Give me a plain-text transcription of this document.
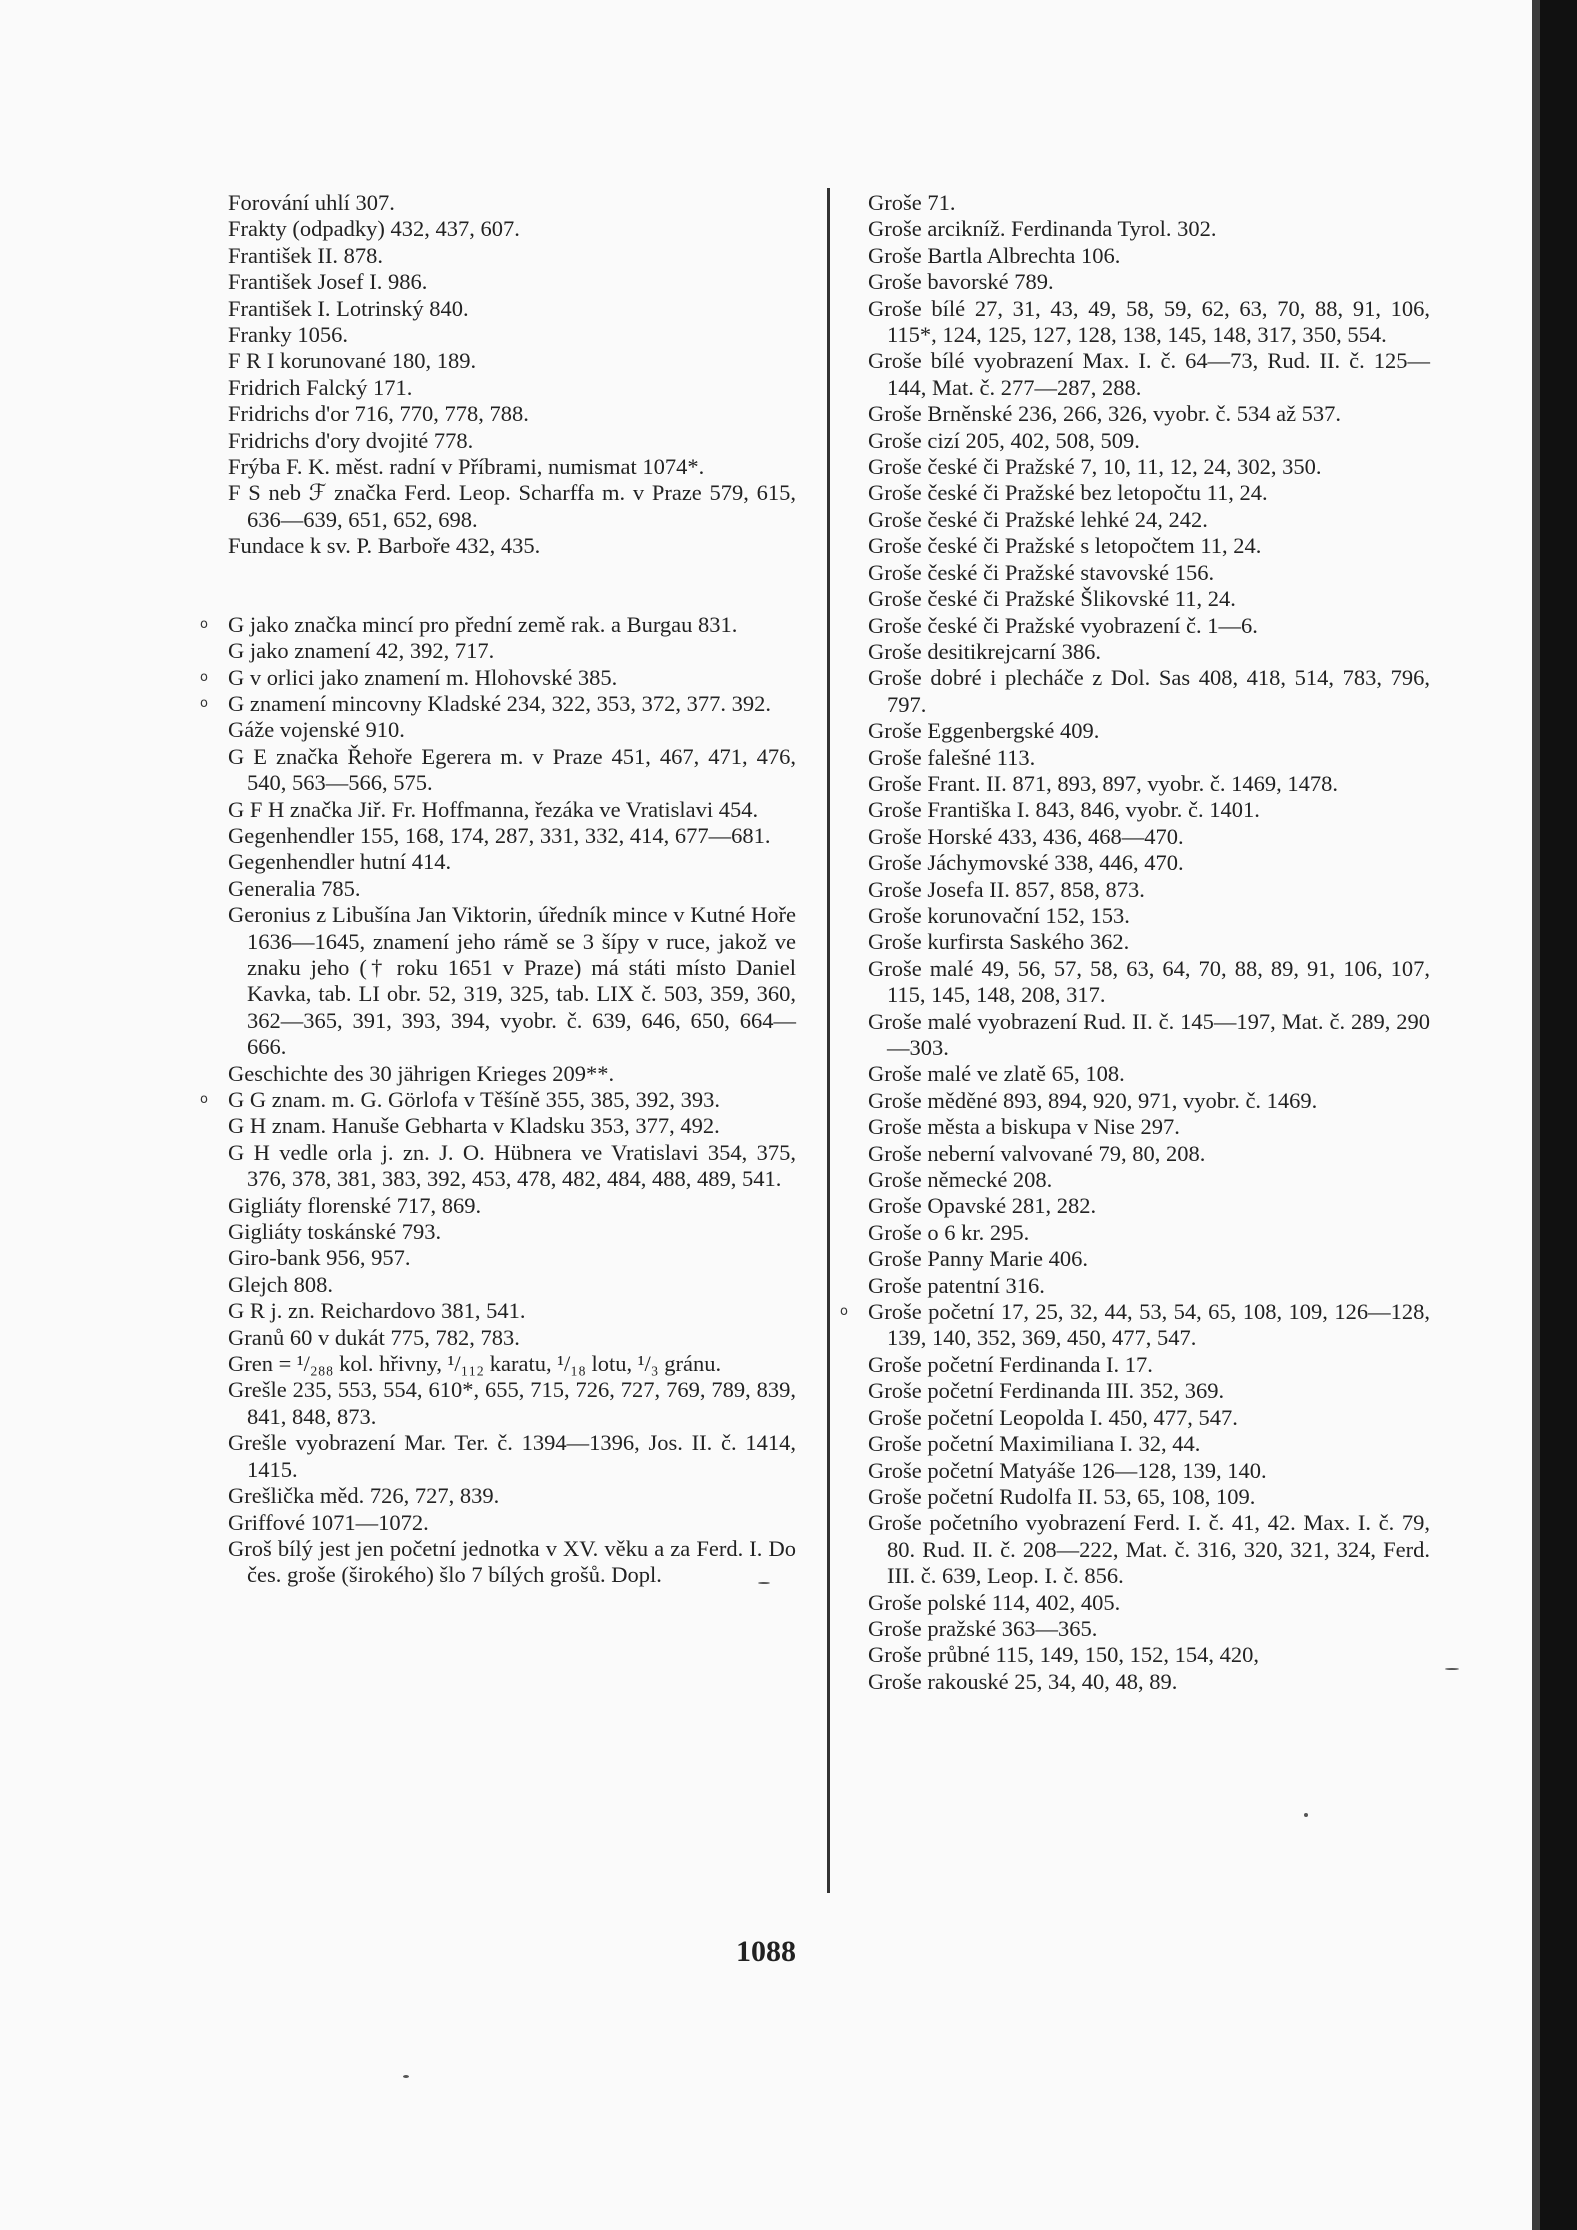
Forování uhlí 307.
Frakty (odpadky) 432, 437, 607.
František II. 878.
František Josef I. 986.
František I. Lotrinský 840.
Franky 1056.
F R I korunované 180, 189.
Fridrich Falcký 171.
Fridrichs d'or 716, 770, 778, 788.
Fridrichs d'ory dvojité 778.
Frýba F. K. měst. radní v Příbrami, numismat 1074*.
F S neb ℱ značka Ferd. Leop. Scharffa m. v Praze 579, 615, 636—639, 651, 652, 698.
Fundace k sv. P. Barboře 432, 435.
o G jako značka mincí pro přední země rak. a Burgau 831.
G jako znamení 42, 392, 717.
o G v orlici jako znamení m. Hlohovské 385.
o G znamení mincovny Kladské 234, 322, 353, 372, 377. 392.
Gáže vojenské 910.
G E značka Řehoře Egerera m. v Praze 451, 467, 471, 476, 540, 563—566, 575.
G F H značka Jiř. Fr. Hoffmanna, řezáka ve Vratislavi 454.
Gegenhendler 155, 168, 174, 287, 331, 332, 414, 677—681.
Gegenhendler hutní 414.
Generalia 785.
Geronius z Libušína Jan Viktorin, úředník mince v Kutné Hoře 1636—1645, znamení jeho rámě se 3 šípy v ruce, jakož ve znaku jeho († roku 1651 v Praze) má státi místo Daniel Kavka, tab. LI obr. 52, 319, 325, tab. LIX č. 503, 359, 360, 362—365, 391, 393, 394, vyobr. č. 639, 646, 650, 664—666.
Geschichte des 30 jährigen Krieges 209**.
o G G znam. m. G. Görlofa v Těšíně 355, 385, 392, 393.
G H znam. Hanuše Gebharta v Kladsku 353, 377, 492.
G H vedle orla j. zn. J. O. Hübnera ve Vratislavi 354, 375, 376, 378, 381, 383, 392, 453, 478, 482, 484, 488, 489, 541.
Gigliáty florenské 717, 869.
Gigliáty toskánské 793.
Giro-bank 956, 957.
Glejch 808.
G R j. zn. Reichardovo 381, 541.
Granů 60 v dukát 775, 782, 783.
Gren = ¹/₂₈₈ kol. hřivny, ¹/₁₁₂ karatu, ¹/₁₈ lotu, ¹/₃ gránu.
Grešle 235, 553, 554, 610*, 655, 715, 726, 727, 769, 789, 839, 841, 848, 873.
Grešle vyobrazení Mar. Ter. č. 1394—1396, Jos. II. č. 1414, 1415.
Grešlička měd. 726, 727, 839.
Griffové 1071—1072.
Groš bílý jest jen početní jednotka v XV. věku a za Ferd. I. Do čes. groše (širokého) šlo 7 bílých grošů. Dopl.
Groše 71.
Groše arcikníž. Ferdinanda Tyrol. 302.
Groše Bartla Albrechta 106.
Groše bavorské 789.
Groše bílé 27, 31, 43, 49, 58, 59, 62, 63, 70, 88, 91, 106, 115*, 124, 125, 127, 128, 138, 145, 148, 317, 350, 554.
Groše bílé vyobrazení Max. I. č. 64—73, Rud. II. č. 125—144, Mat. č. 277—287, 288.
Groše Brněnské 236, 266, 326, vyobr. č. 534 až 537.
Groše cizí 205, 402, 508, 509.
Groše české či Pražské 7, 10, 11, 12, 24, 302, 350.
Groše české či Pražské bez letopočtu 11, 24.
Groše české či Pražské lehké 24, 242.
Groše české či Pražské s letopočtem 11, 24.
Groše české či Pražské stavovské 156.
Groše české či Pražské Šlikovské 11, 24.
Groše české či Pražské vyobrazení č. 1—6.
Groše desitikrejcarní 386.
Groše dobré i plecháče z Dol. Sas 408, 418, 514, 783, 796, 797.
Groše Eggenbergské 409.
Groše falešné 113.
Groše Frant. II. 871, 893, 897, vyobr. č. 1469, 1478.
Groše Františka I. 843, 846, vyobr. č. 1401.
Groše Horské 433, 436, 468—470.
Groše Jáchymovské 338, 446, 470.
Groše Josefa II. 857, 858, 873.
Groše korunovační 152, 153.
Groše kurfirsta Saského 362.
Groše malé 49, 56, 57, 58, 63, 64, 70, 88, 89, 91, 106, 107, 115, 145, 148, 208, 317.
Groše malé vyobrazení Rud. II. č. 145—197, Mat. č. 289, 290—303.
Groše malé ve zlatě 65, 108.
Groše měděné 893, 894, 920, 971, vyobr. č. 1469.
Groše města a biskupa v Nise 297.
Groše neberní valvované 79, 80, 208.
Groše německé 208.
Groše Opavské 281, 282.
Groše o 6 kr. 295.
Groše Panny Marie 406.
Groše patentní 316.
o Groše početní 17, 25, 32, 44, 53, 54, 65, 108, 109, 126—128, 139, 140, 352, 369, 450, 477, 547.
Groše početní Ferdinanda I. 17.
Groše početní Ferdinanda III. 352, 369.
Groše početní Leopolda I. 450, 477, 547.
Groše početní Maximiliana I. 32, 44.
Groše početní Matyáše 126—128, 139, 140.
Groše početní Rudolfa II. 53, 65, 108, 109.
Groše početního vyobrazení Ferd. I. č. 41, 42. Max. I. č. 79, 80. Rud. II. č. 208—222, Mat. č. 316, 320, 321, 324, Ferd. III. č. 639, Leop. I. č. 856.
Groše polské 114, 402, 405.
Groše pražské 363—365.
Groše průbné 115, 149, 150, 152, 154, 420,
Groše rakouské 25, 34, 40, 48, 89.
1088
